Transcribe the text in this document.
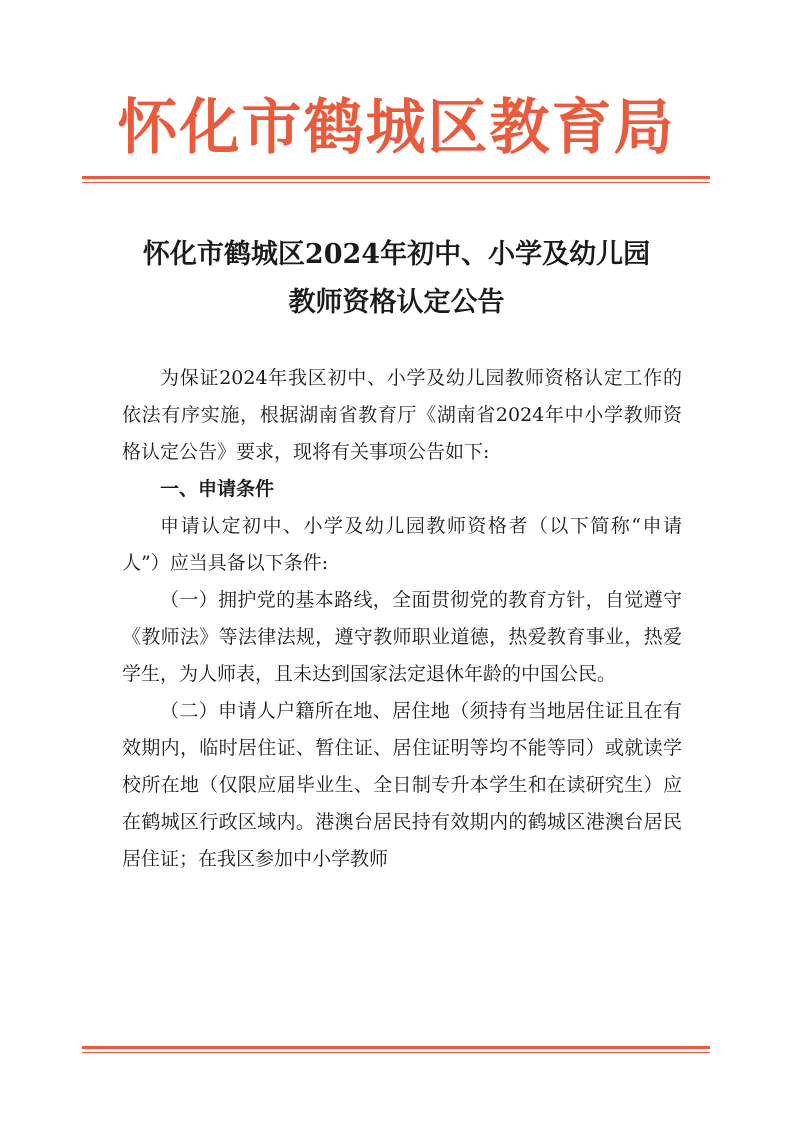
怀化市鹤城区教育局
怀化市鹤城区2024年初中、小学及幼儿园
教师资格认定公告

为保证2024年我区初中、小学及幼儿园教师资格认定工作的依法有序实施，根据湖南省教育厅《湖南省2024年中小学教师资格认定公告》要求，现将有关事项公告如下:

一、申请条件

申请认定初中、小学及幼儿园教师资格者（以下简称“申请人”）应当具备以下条件:

（一）拥护党的基本路线，全面贯彻党的教育方针，自觉遵守《教师法》等法律法规，遵守教师职业道德，热爱教育事业，热爱学生，为人师表，且未达到国家法定退休年龄的中国公民。

（二）申请人户籍所在地、居住地（须持有当地居住证且在有效期内，临时居住证、暂住证、居住证明等均不能等同）或就读学校所在地（仅限应届毕业生、全日制专升本学生和在读研究生）应在鹤城区行政区域内。港澳台居民持有效期内的鹤城区港澳台居民居住证；在我区参加中小学教师
